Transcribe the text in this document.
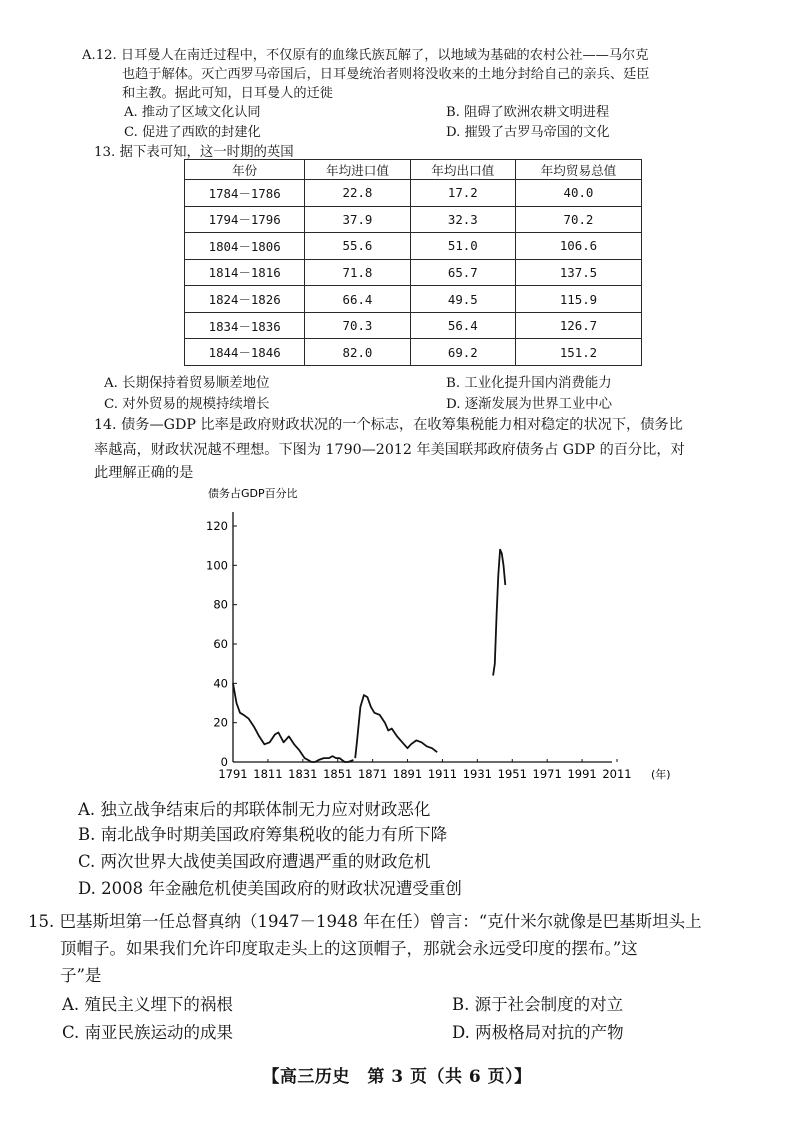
A.12. 日耳曼人在南迁过程中，不仅原有的血缘氏族瓦解了，以地域为基础的农村公社——马尔克
也趋于解体。灭亡西罗马帝国后，日耳曼统治者则将没收来的土地分封给自己的亲兵、廷臣
和主教。据此可知，日耳曼人的迁徙
A. 推动了区域文化认同	B. 阻碍了欧洲农耕文明进程
C. 促进了西欧的封建化	D. 摧毁了古罗马帝国的文化
13. 据下表可知，这一时期的英国
年份	年均进口值	年均出口值	年均贸易总值
1784－1786	22.8	17.2	40.0
1794－1796	37.9	32.3	70.2
1804－1806	55.6	51.0	106.6
1814－1816	71.8	65.7	137.5
1824－1826	66.4	49.5	115.9
1834－1836	70.3	56.4	126.7
1844－1846	82.0	69.2	151.2
A. 长期保持着贸易顺差地位	B. 工业化提升国内消费能力
C. 对外贸易的规模持续增长	D. 逐渐发展为世界工业中心
14. 债务—GDP 比率是政府财政状况的一个标志，在收筹集税能力相对稳定的状况下，债务比
率越高，财政状况越不理想。下图为 1790—2012 年美国联邦政府债务占 GDP 的百分比，对
此理解正确的是
0
20
40
60
80
100
120
1791 1811 1831 1851 1871 1891 1911 1931 1951 1971 1991 2011
债务占GDP百分比
(年)
A. 独立战争结束后的邦联体制无力应对财政恶化
B. 南北战争时期美国政府筹集税收的能力有所下降
C. 两次世界大战使美国政府遭遇严重的财政危机
D. 2008 年金融危机使美国政府的财政状况遭受重创
15. 巴基斯坦第一任总督真纳（1947－1948 年在任）曾言：“克什米尔就像是巴基斯坦头上
顶帽子。如果我们允许印度取走头上的这顶帽子，那就会永远受印度的摆布。”这
子”是
A. 殖民主义埋下的祸根	B. 源于社会制度的对立
C. 南亚民族运动的成果	D. 两极格局对抗的产物
【高三历史　第 3 页（共 6 页）】
